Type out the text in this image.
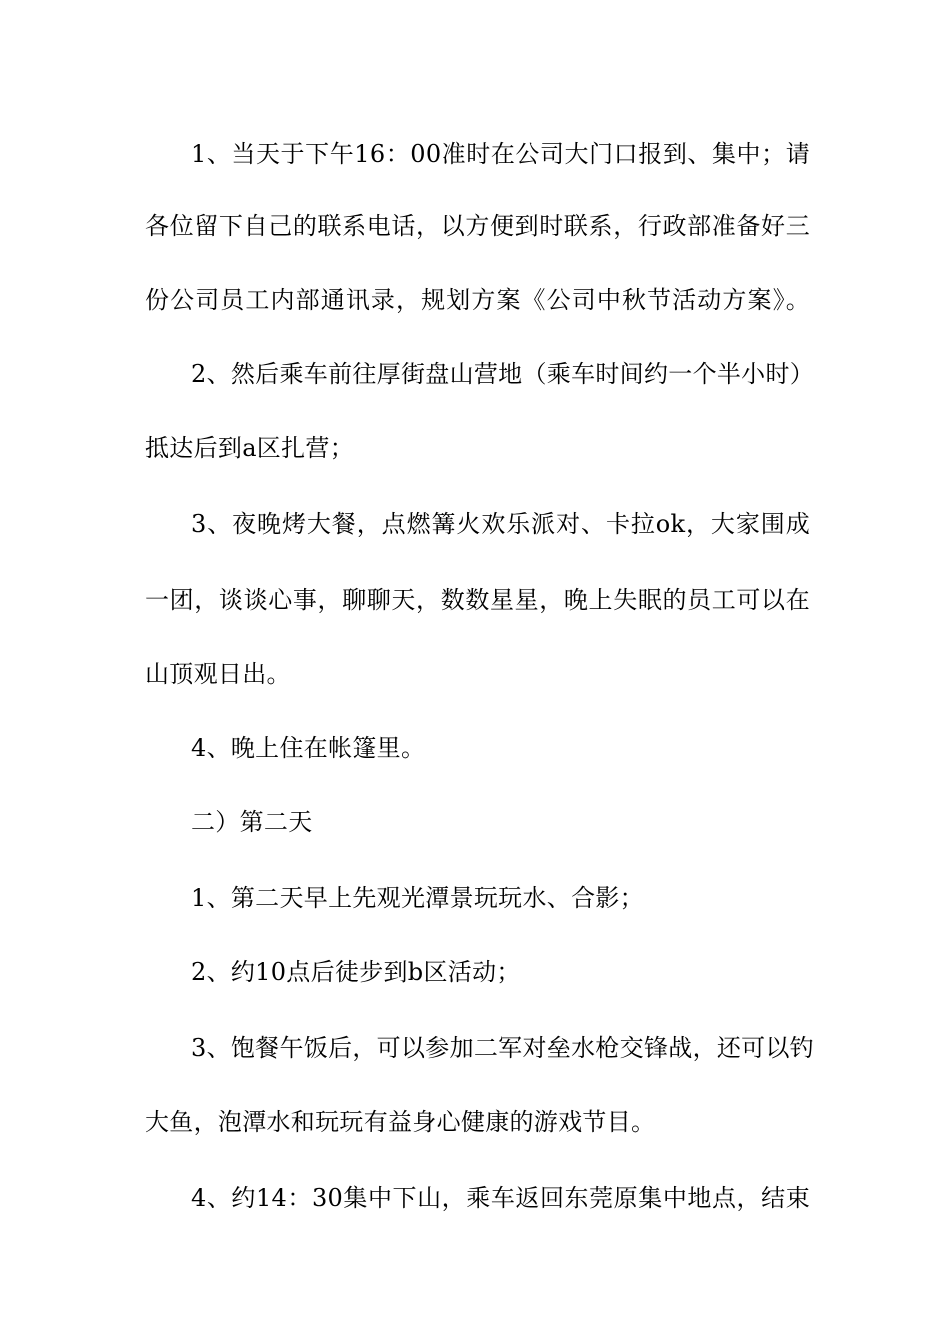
1、当天于下午16：00准时在公司大门口报到、集中；请
各位留下自己的联系电话，以方便到时联系，行政部准备好三
份公司员工内部通讯录，规划方案《公司中秋节活动方案》。
2、然后乘车前往厚街盘山营地（乘车时间约一个半小时）
抵达后到a区扎营；
3、夜晚烤大餐，点燃篝火欢乐派对、卡拉ok，大家围成
一团，谈谈心事，聊聊天，数数星星，晚上失眠的员工可以在
山顶观日出。
4、晚上住在帐篷里。
二）第二天
1、第二天早上先观光潭景玩玩水、合影；
2、约10点后徒步到b区活动；
3、饱餐午饭后，可以参加二军对垒水枪交锋战，还可以钓
大鱼，泡潭水和玩玩有益身心健康的游戏节目。
4、约14：30集中下山，乘车返回东莞原集中地点，结束
